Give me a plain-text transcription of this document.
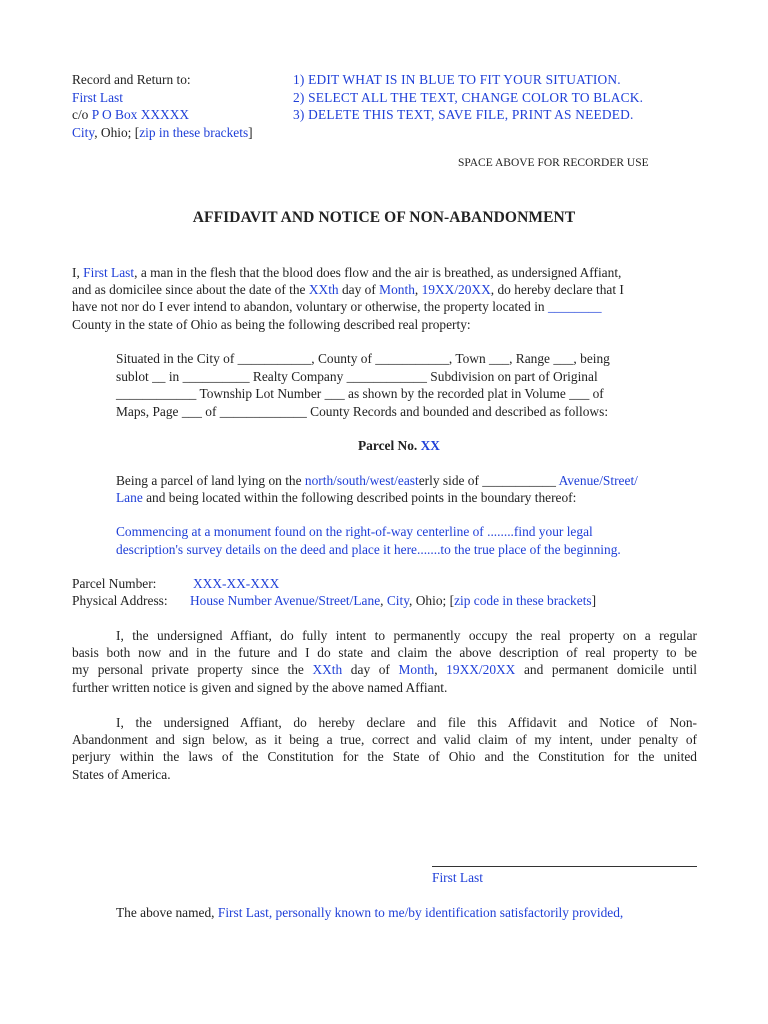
Record and Return to:
First Last
c/o P O Box XXXXX
City, Ohio; [zip in these brackets]
1) EDIT WHAT IS IN BLUE TO FIT YOUR SITUATION.
2) SELECT ALL THE TEXT, CHANGE COLOR TO BLACK.
3) DELETE THIS TEXT, SAVE FILE, PRINT AS NEEDED.
SPACE ABOVE FOR RECORDER USE
AFFIDAVIT AND NOTICE OF NON-ABANDONMENT
I, First Last, a man in the flesh that the blood does flow and the air is breathed, as undersigned Affiant,
and as domicilee since about the date of the XXth day of Month, 19XX/20XX, do hereby declare that I
have not nor do I ever intend to abandon, voluntary or otherwise, the property located in ________
County in the state of Ohio as being the following described real property:
Situated in the City of ___________, County of ___________, Town ___, Range ___, being
sublot __ in __________ Realty Company ____________ Subdivision on part of Original
____________ Township Lot Number ___ as shown by the recorded plat in Volume ___ of
Maps, Page ___ of _____________ County Records and bounded and described as follows:
Parcel No. XX
Being a parcel of land lying on the north/south/west/easterly side of ___________ Avenue/Street/
Lane and being located within the following described points in the boundary thereof:
Commencing at a monument found on the right-of-way centerline of ........find your legal
description's survey details on the deed and place it here.......to the true place of the beginning.
Parcel Number:	XXX-XX-XXX
Physical Address: House Number Avenue/Street/Lane, City, Ohio; [zip code in these brackets]
I, the undersigned Affiant, do fully intent to permanently occupy the real property on a regular
basis both now and in the future and I do state and claim the above description of real property to be
my personal private property since the XXth day of Month, 19XX/20XX and permanent domicile until
further written notice is given and signed by the above named Affiant.
I, the undersigned Affiant, do hereby declare and file this Affidavit and Notice of Non-
Abandonment and sign below, as it being a true, correct and valid claim of my intent, under penalty of
perjury within the laws of the Constitution for the State of Ohio and the Constitution for the united
States of America.
First Last
The above named, First Last, personally known to me/by identification satisfactorily provided,
